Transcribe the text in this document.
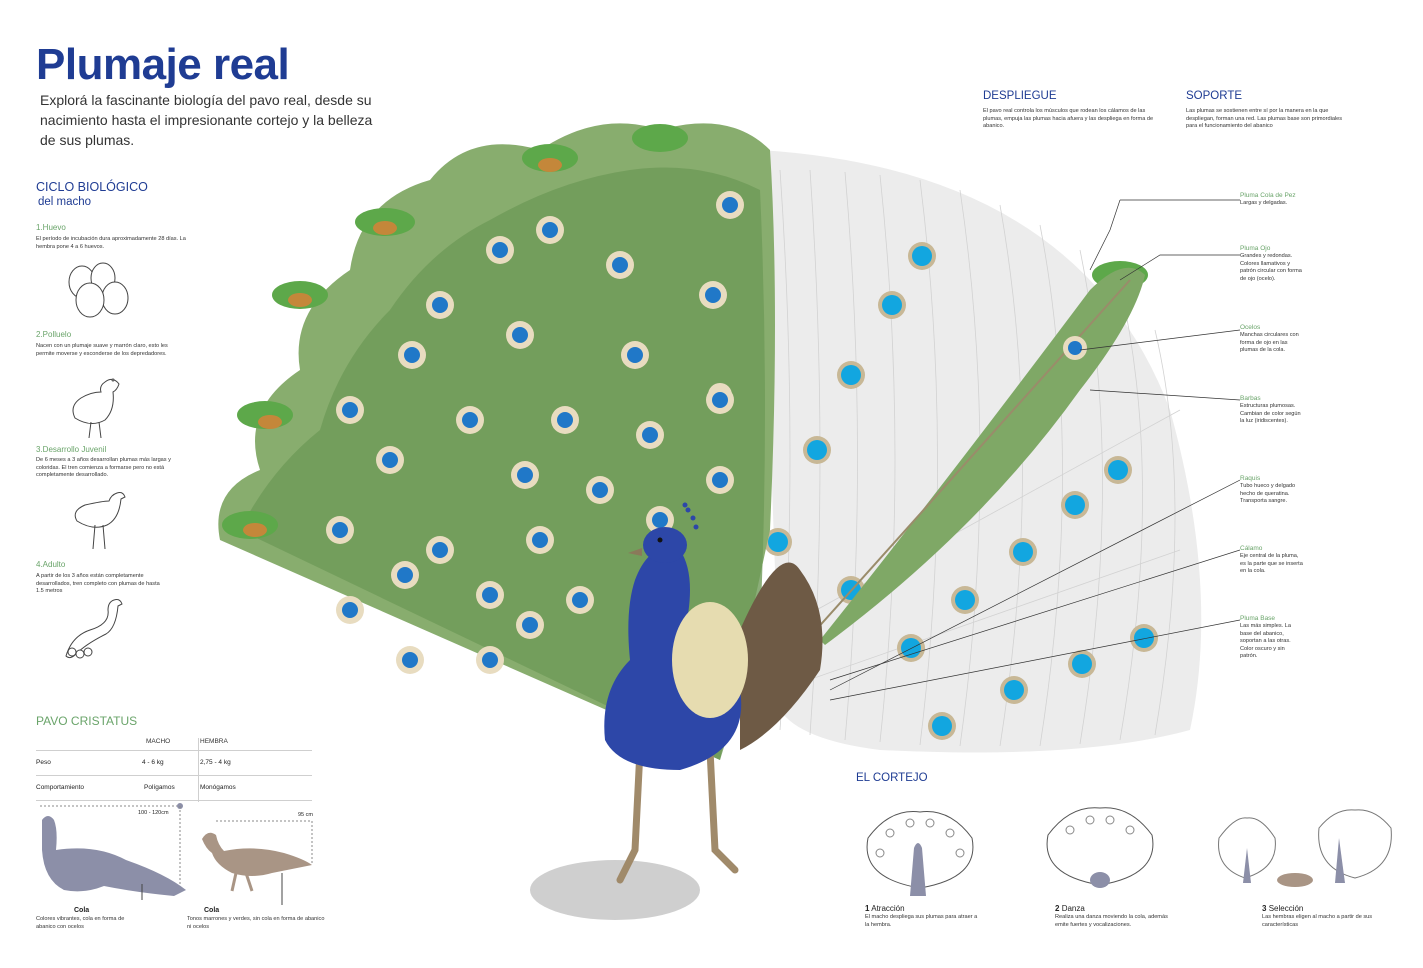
Plumaje real
Explorá la fascinante biología del pavo real, desde su nacimiento hasta el impresionante cortejo y la belleza de sus plumas.
CICLO BIOLÓGICO
del macho
1.Huevo
El período de incubación dura aproximadamente 28 días. La hembra pone 4 a 6 huevos.
2.Polluelo
Nacen con un plumaje suave y marrón claro, esto les permite moverse y esconderse de los depredadores.
3.Desarrollo Juvenil
De 6 meses a 3 años desarrollan plumas más largas y coloridas. El tren comienza a formarse pero no está completamente desarrollado.
4.Adulto
A partir de los 3 años están completamente desarrollados, tren completo con plumas de hasta 1.5 metros
PAVO CRISTATUS
MACHO	HEMBRA
Peso	4 - 6 kg	2,75 - 4 kg
Comportamiento	Polígamos	Monógamos
100 - 120cm
Cola
Colores vibrantes, cola en forma de abanico con ocelos
95 cm
Cola
Tonos marrones y verdes, sin cola en forma de abanico ni ocelos
DESPLIEGUE
El pavo real controla los músculos que rodean los cálamos de las plumas, empuja las plumas hacia afuera y las despliega en forma de abanico.
SOPORTE
Las plumas se sostienen entre sí por la manera en la que despliegan, forman una red. Las plumas base son primordiales para el funcionamiento del abanico
Pluma Cola de Pez
Largas y delgadas.
Pluma Ojo
Grandes y redondas. Colores llamativos y patrón circular con forma de ojo (ocelo).
Ocelos
Manchas circulares con forma de ojo en las plumas de la cola.
Barbas
Estructuras plumosas. Cambian de color según la luz (iridiscentes).
Raquis
Tubo hueco y delgado hecho de queratina. Transporta sangre.
Cálamo
Eje central de la pluma, es la parte que se inserta en la cola.
Pluma Base
Las más simples. La base del abanico, soportan a las otras. Color oscuro y sin patrón.
EL CORTEJO
1 Atracción
El macho despliega sus plumas para atraer a la hembra.
2 Danza
Realiza una danza moviendo la cola, además emite fuertes y vocalizaciones.
3 Selección
Las hembras eligen al macho a partir de sus características
